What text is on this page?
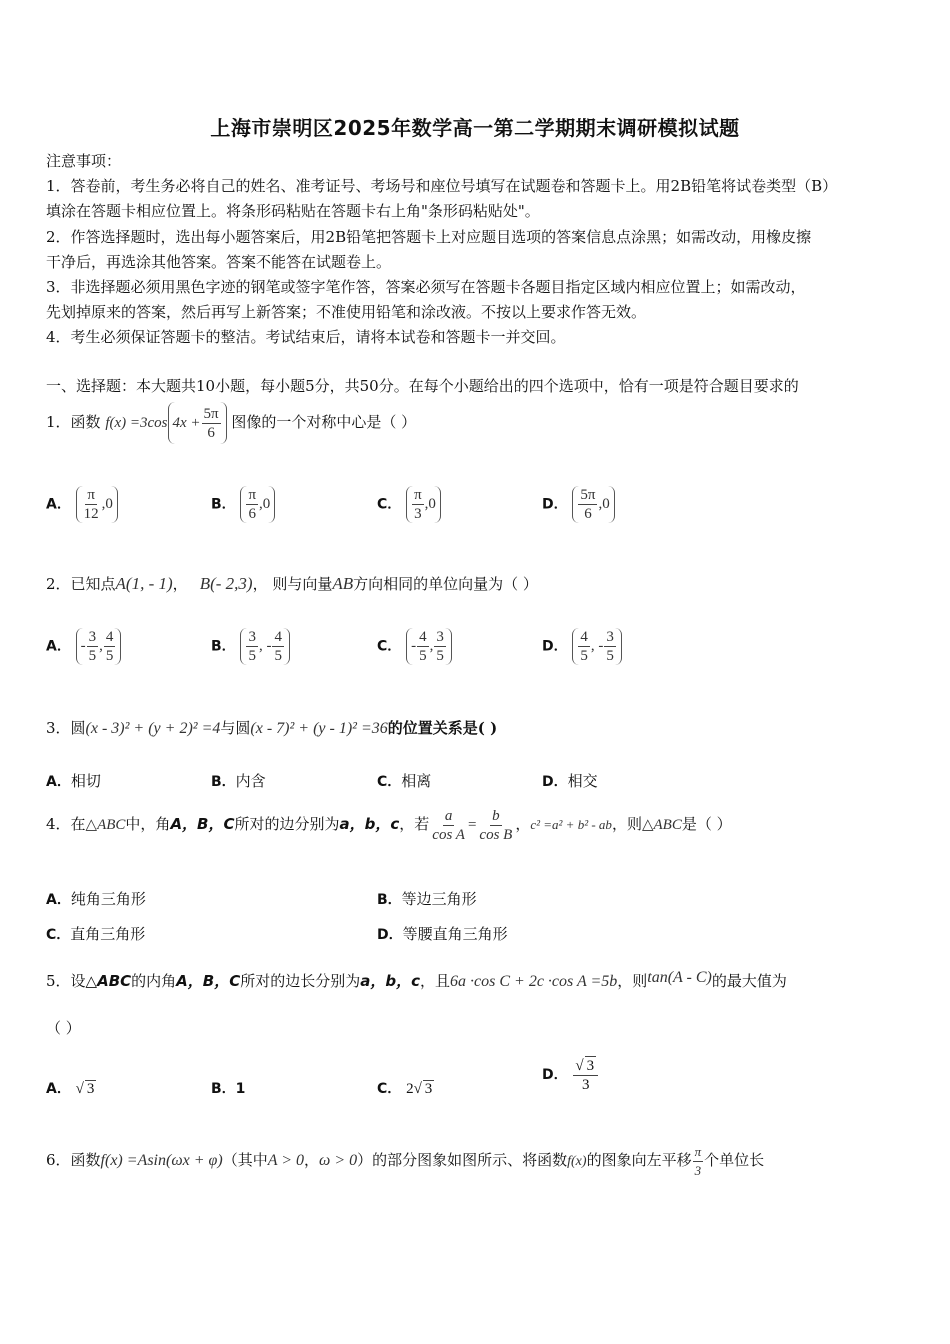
上海市崇明区2025年数学高一第二学期期末调研模拟试题
注意事项：
1．答卷前，考生务必将自己的姓名、准考证号、考场号和座位号填写在试题卷和答题卡上。用2B铅笔将试卷类型（B）
填涂在答题卡相应位置上。将条形码粘贴在答题卡右上角"条形码粘贴处"。
2．作答选择题时，选出每小题答案后，用2B铅笔把答题卡上对应题目选项的答案信息点涂黑；如需改动，用橡皮擦
干净后，再选涂其他答案。答案不能答在试题卷上。
3．非选择题必须用黑色字迹的钢笔或签字笔作答，答案必须写在答题卡各题目指定区域内相应位置上；如需改动，
先划掉原来的答案，然后再写上新答案；不准使用铅笔和涂改液。不按以上要求作答无效。
4．考生必须保证答题卡的整洁。考试结束后，请将本试卷和答题卡一并交回。
一、选择题：本大题共10小题，每小题5分，共50分。在每个小题给出的四个选项中，恰有一项是符合题目要求的
1．函数 f(x) =3cos $4x + \frac{5\pi}{6}$ 图像的一个对称中心是（ ）
A． $\frac{\pi}{12} ,0$	B． $\frac{\pi}{6} ,0$	C． $\frac{\pi}{3} ,0$	D． $\frac{5\pi}{6} ,0$
2．已知点A(1, - 1)， B(- 2,3)， 则与向量AB方向相同的单位向量为（ ）
A． - $\frac{3}{5}$ , $\frac{4}{5}$	B． $\frac{3}{5}$ , - $\frac{4}{5}$	C． - $\frac{4}{5}$ , $\frac{3}{5}$	D． $\frac{4}{5}$ , - $\frac{3}{5}$
3．圆(x - 3)² + (y + 2)² =4与圆(x - 7)² + (y - 1)² =36的位置关系是( )
A．相切	B．内含	C．相离	D．相交
4．在△ABC中，角A，B，C所对的边分别为a，b，c，若 $\frac{a}{\text{cos A}} = \frac{b}{\text{cos B}}$ ，c² =a² + b² - ab，则△ABC是（ ）
A．纯角三角形	B．等边三角形
C．直角三角形	D．等腰直角三角形
5．设△ABC的内角A，B，C所对的边长分别为a，b，c，且6a ·cos C + 2c ·cos A =5b，则tan(A - C)的最大值为
（ ）
A． √ 3	B．1	C． 2√ 3
D． $\frac{√ 3}{3}$
6．函数f(x) =Asin(ωx + φ)（其中A > 0，ω > 0）的部分图象如图所示、将函数f(x)的图象向左平移 $\frac{\pi}{3}$ 个单位长
